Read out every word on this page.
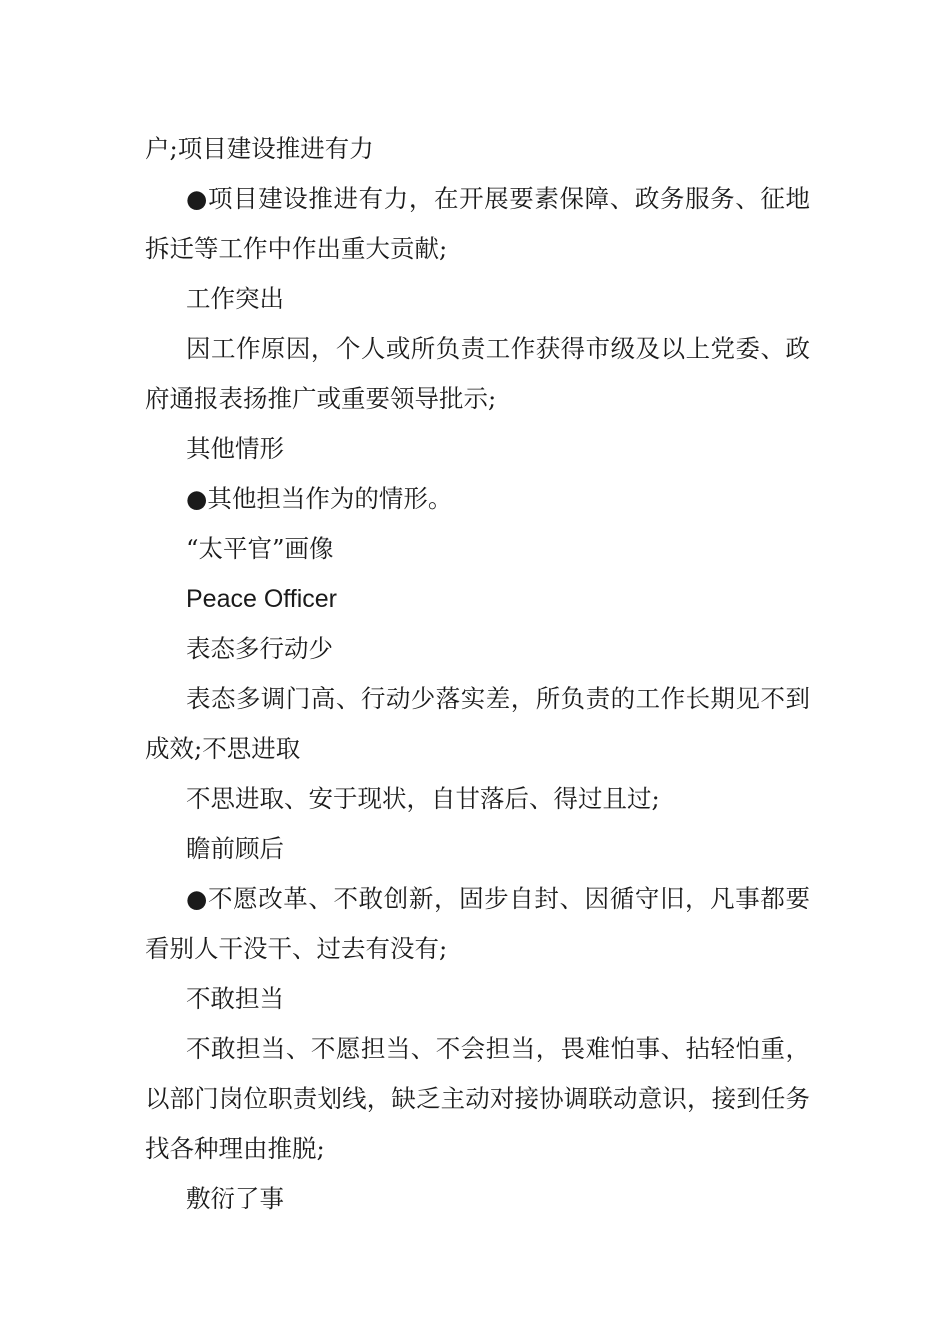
户;项目建设推进有力

●项目建设推进有力，在开展要素保障、政务服务、征地拆迁等工作中作出重大贡献;

工作突出

因工作原因，个人或所负责工作获得市级及以上党委、政府通报表扬推广或重要领导批示;

其他情形

●其他担当作为的情形。

“太平官”画像

Peace Officer

表态多行动少

表态多调门高、行动少落实差，所负责的工作长期见不到成效;不思进取

不思进取、安于现状，自甘落后、得过且过;

瞻前顾后

●不愿改革、不敢创新，固步自封、因循守旧，凡事都要看别人干没干、过去有没有;

不敢担当

不敢担当、不愿担当、不会担当，畏难怕事、拈轻怕重，以部门岗位职责划线，缺乏主动对接协调联动意识，接到任务找各种理由推脱;

敷衍了事
